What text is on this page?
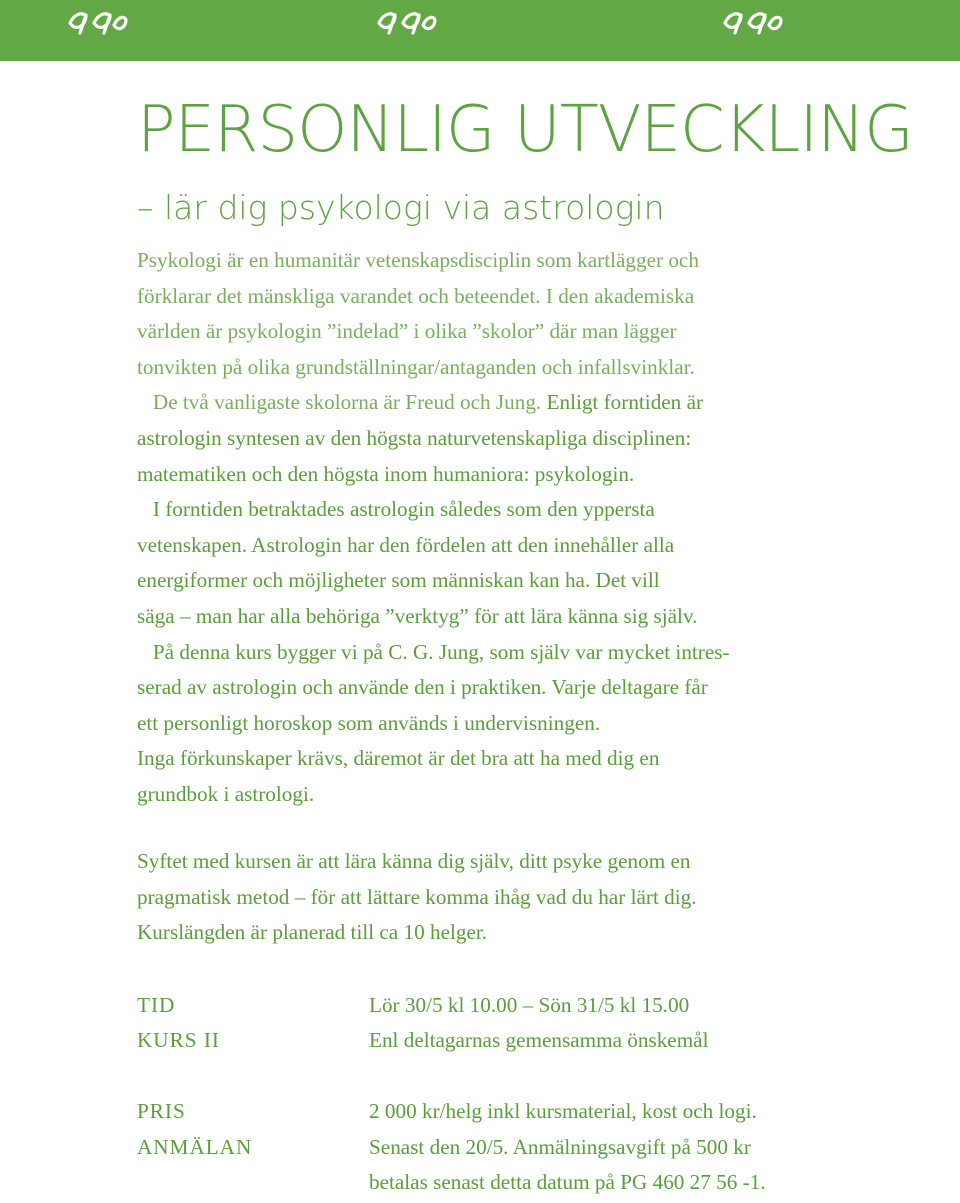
PERSONLIG UTVECKLING
– lär dig psykologi via astrologin
Psykologi är en humanitär vetenskapsdisciplin som kartlägger och
förklarar det mänskliga varandet och beteendet. I den akademiska
världen är psykologin ”indelad” i olika ”skolor” där man lägger
tonvikten på olika grundställningar/antaganden och infallsvinklar.
De två vanligaste skolorna är Freud och Jung. Enligt forntiden är
astrologin syntesen av den högsta naturvetenskapliga disciplinen:
matematiken och den högsta inom humaniora: psykologin.
I forntiden betraktades astrologin således som den yppersta
vetenskapen. Astrologin har den fördelen att den innehåller alla
energiformer och möjligheter som människan kan ha. Det vill
säga – man har alla behöriga ”verktyg” för att lära känna sig själv.
På denna kurs bygger vi på C. G. Jung, som själv var mycket intres-
serad av astrologin och använde den i praktiken. Varje deltagare får
ett personligt horoskop som används i undervisningen.
Inga förkunskaper krävs, däremot är det bra att ha med dig en
grundbok i astrologi.
Syftet med kursen är att lära känna dig själv, ditt psyke genom en
pragmatisk metod – för att lättare komma ihåg vad du har lärt dig.
Kurslängden är planerad till ca 10 helger.
TID	Lör 30/5 kl 10.00 – Sön 31/5 kl 15.00
KURS II	Enl deltagarnas gemensamma önskemål
PRIS	2 000 kr/helg inkl kursmaterial, kost och logi.
ANMÄLAN	Senast den 20/5. Anmälningsavgift på 500 kr
betalas senast detta datum på PG 460 27 56 -1.
